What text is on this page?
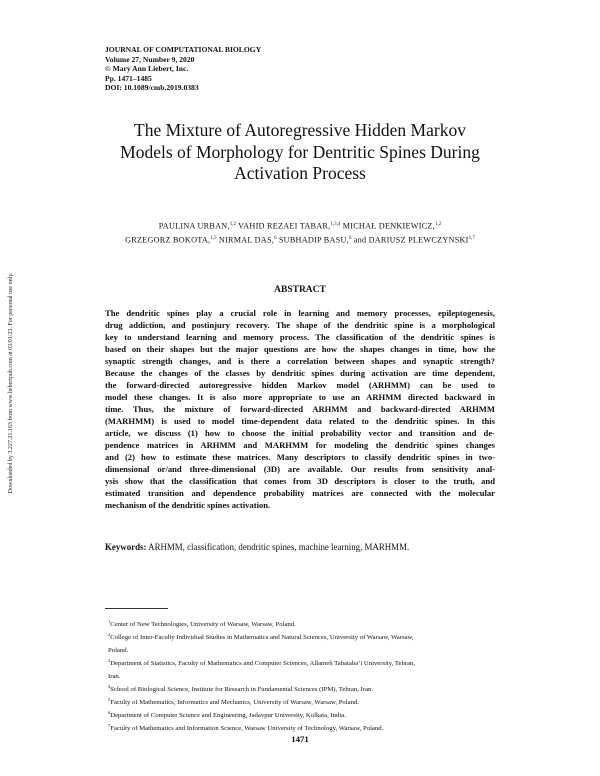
Downloaded by 3.227.21.163 from www.liebertpub.com at 03/01/23. For personal use only.
JOURNAL OF COMPUTATIONAL BIOLOGY
Volume 27, Number 9, 2020
© Mary Ann Liebert, Inc.
Pp. 1471–1485
DOI: 10.1089/cmb.2019.0383
The Mixture of Autoregressive Hidden Markov
Models of Morphology for Dentritic Spines During
Activation Process
PAULINA URBAN,$^{1,2}$ VAHID REZAEI TABAR,$^{1,3,4}$ MICHAŁ DENKIEWICZ,$^{1,2}$
GRZEGORZ BOKOTA,$^{1,5}$ NIRMAL DAS,$^6$ SUBHADIP BASU,$^6$ and DARIUSZ PLEWCZYNSKI$^{1,7}$
ABSTRACT
The dendritic spines play a crucial role in learning and memory processes, epileptogenesis,
drug addiction, and postinjury recovery. The shape of the dendritic spine is a morphological
key to understand learning and memory process. The classification of the dendritic spines is
based on their shapes but the major questions are how the shapes changes in time, how the
synaptic strength changes, and is there a correlation between shapes and synaptic strength?
Because the changes of the classes by dendritic spines during activation are time dependent,
the forward-directed autoregressive hidden Markov model (ARHMM) can be used to
model these changes. It is also more appropriate to use an ARHMM directed backward in
time. Thus, the mixture of forward-directed ARHMM and backward-directed ARHMM
(MARHMM) is used to model time-dependent data related to the dendritic spines. In this
article, we discuss (1) how to choose the initial probability vector and transition and de-
pendence matrices in ARHMM and MARHMM for modeling the dendritic spines changes
and (2) how to estimate these matrices. Many descriptors to classify dendritic spines in two-
dimensional or/and three-dimensional (3D) are available. Our results from sensitivity anal-
ysis show that the classification that comes from 3D descriptors is closer to the truth, and
estimated transition and dependence probability matrices are connected with the molecular
mechanism of the dendritic spines activation.
Keywords: ARHMM, classification, dendritic spines, machine learning, MARHMM.
$^1$Center of New Technologies, University of Warsaw, Warsaw, Poland.
$^2$College of Inter-Faculty Individual Studies in Mathematics and Natural Sciences, University of Warsaw, Warsaw,
Poland.
$^3$Department of Statistics, Faculty of Mathematics and Computer Sciences, Allameh Tabataba’i University, Tehran,
Iran.
$^4$School of Biological Science, Institute for Research in Fundamental Sciences (IPM), Tehran, Iran.
$^5$Faculty of Mathematics, Informatics and Mechanics, University of Warsaw, Warsaw, Poland.
$^6$Department of Computer Science and Engineering, Jadavpur University, Kolkata, India.
$^7$Faculty of Mathematics and Information Science, Warsaw University of Technology, Warsaw, Poland.
1471
